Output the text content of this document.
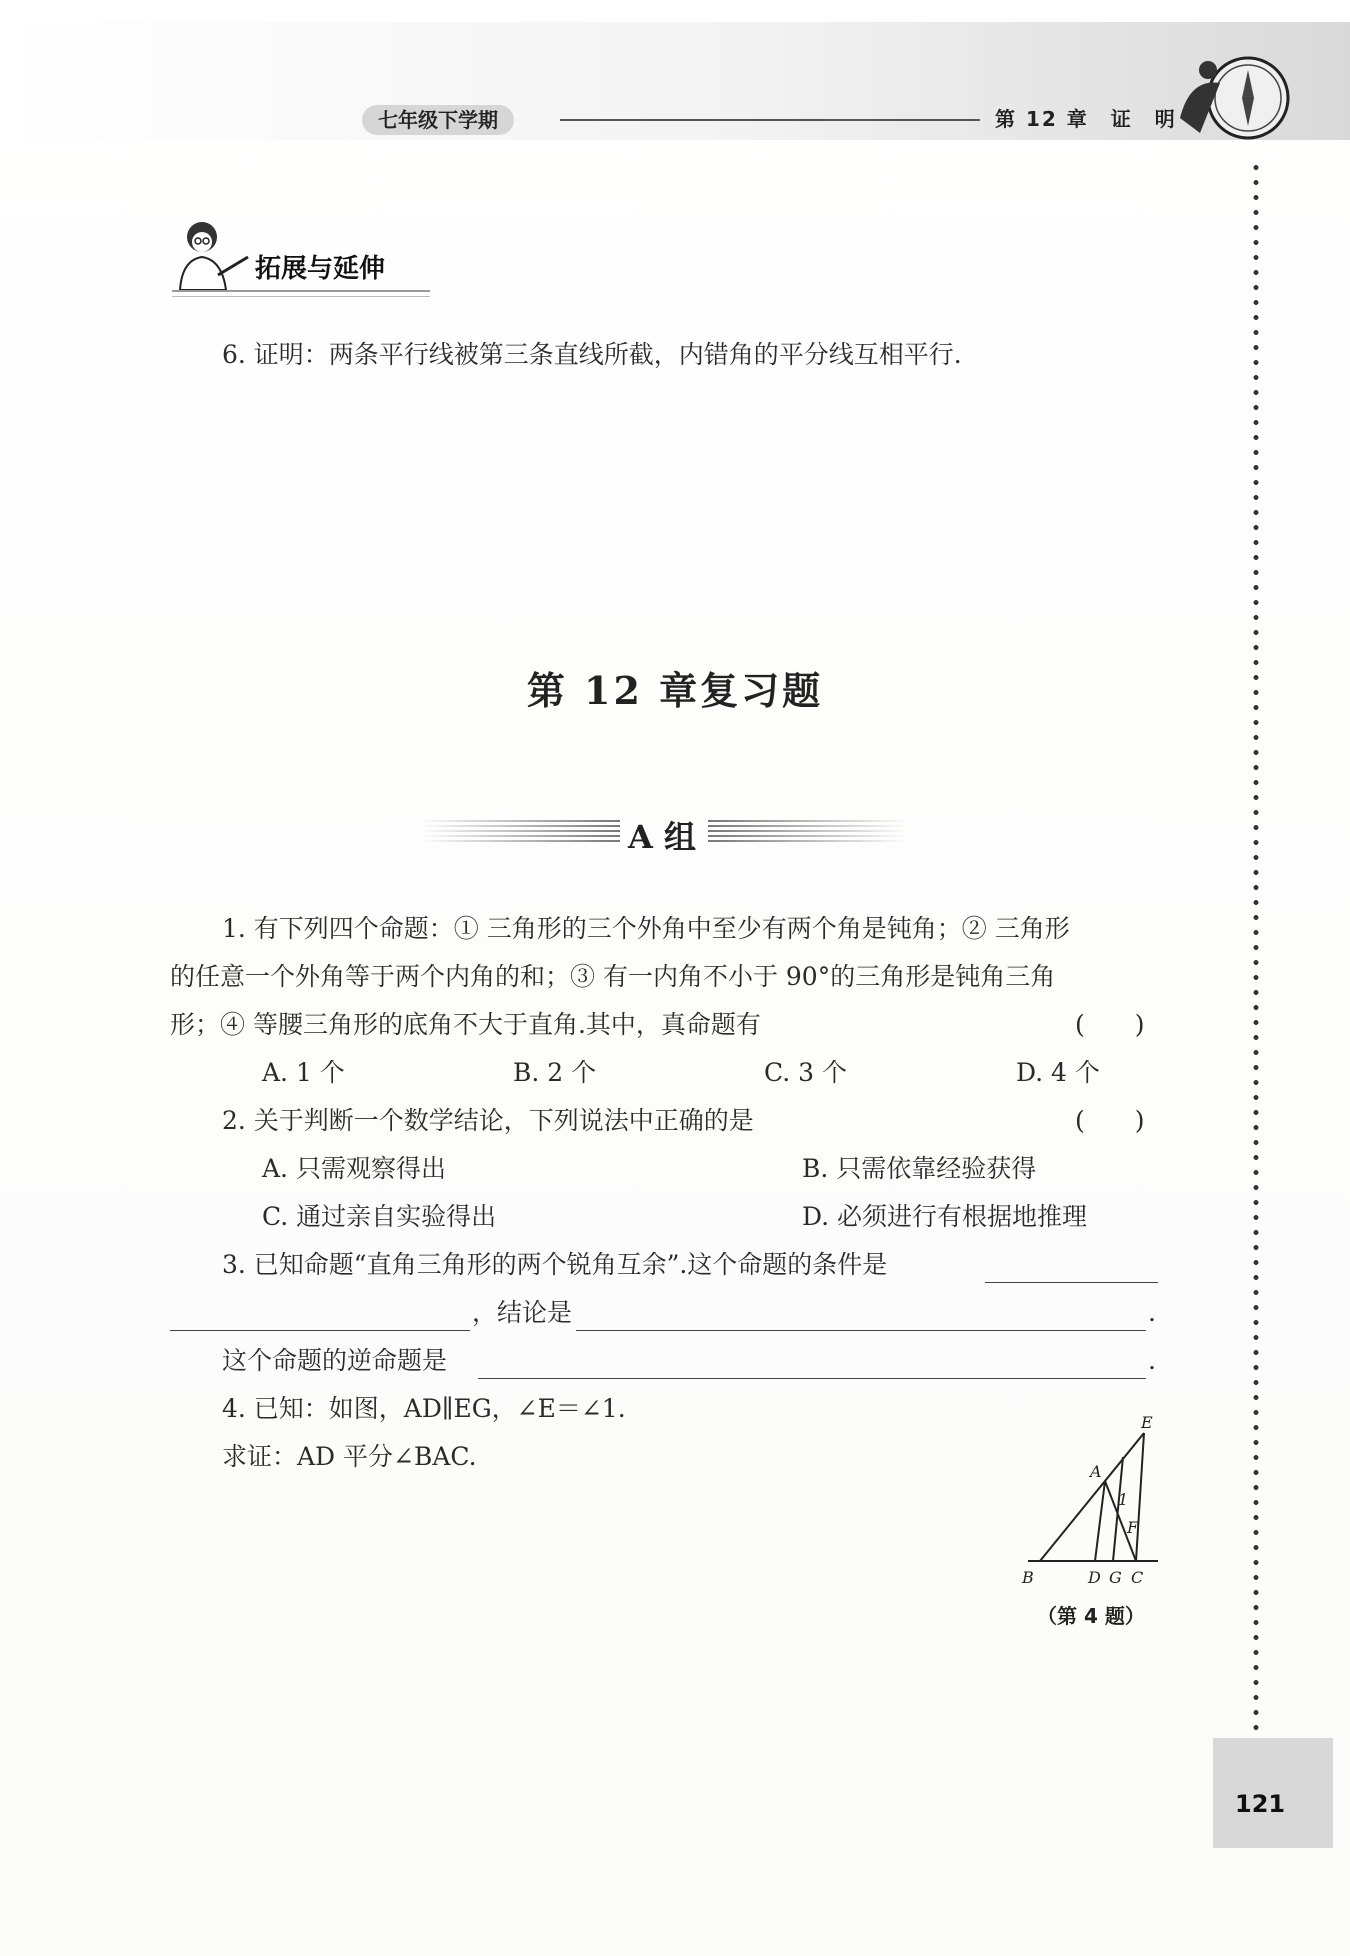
七年级下学期	第 12 章　证　明
拓展与延伸
6. 证明：两条平行线被第三条直线所截，内错角的平分线互相平行.
第 12 章复习题
A 组
1. 有下列四个命题：① 三角形的三个外角中至少有两个角是钝角；② 三角形
的任意一个外角等于两个内角的和；③ 有一内角不小于 90°的三角形是钝角三角
形；④ 等腰三角形的底角不大于直角.其中，真命题有	(　　)
A. 1 个	B. 2 个	C. 3 个	D. 4 个
2. 关于判断一个数学结论，下列说法中正确的是	(　　)
A. 只需观察得出	B. 只需依靠经验获得
C. 通过亲自实验得出	D. 必须进行有根据地推理
3. 已知命题“直角三角形的两个锐角互余”.这个命题的条件是
，结论是	.
这个命题的逆命题是	.
4. 已知：如图，AD∥EG，∠E＝∠1.
求证：AD 平分∠BAC.
E
A
1
F
B	D G C
（第 4 题）
121
